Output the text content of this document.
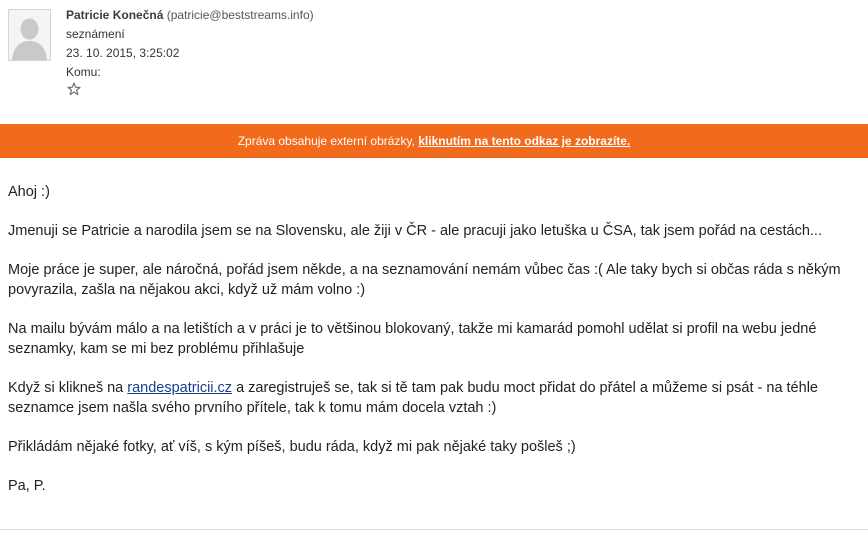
Patricie Konečná (patricie@beststreams.info)
seznámení
23. 10. 2015, 3:25:02
Komu:
Zpráva obsahuje externí obrázky, kliknutím na tento odkaz je zobrazíte.

Ahoj :)

Jmenuji se Patricie a narodila jsem se na Slovensku, ale žiji v ČR - ale pracuji jako letuška u ČSA, tak jsem pořád na cestách...

Moje práce je super, ale náročná, pořád jsem někde, a na seznamování nemám vůbec čas :( Ale taky bych si občas ráda s někým povyrazila, zašla na nějakou akci, když už mám volno :)

Na mailu bývám málo a na letištích a v práci je to většinou blokovaný, takže mi kamarád pomohl udělat si profil na webu jedné seznamky, kam se mi bez problému přihlašuje

Když si klikneš na randespatricii.cz a zaregistruješ se, tak si tě tam pak budu moct přidat do přátel a můžeme si psát - na téhle seznamce jsem našla svého prvního přítele, tak k tomu mám docela vztah :)

Přikládám nějaké fotky, ať víš, s kým píšeš, budu ráda, když mi pak nějaké taky pošleš ;)

Pa, P.
